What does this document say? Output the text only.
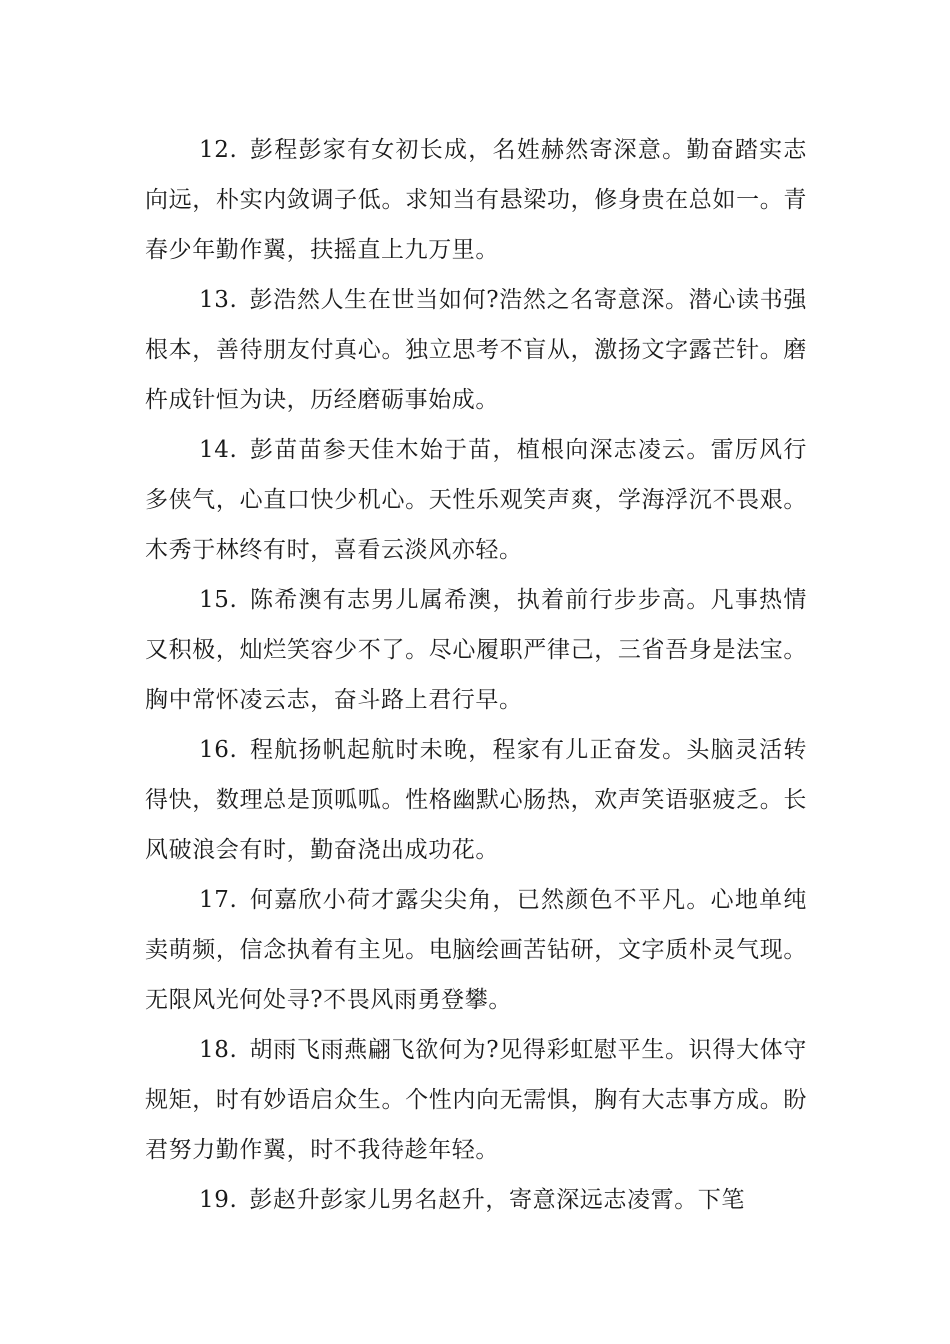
12. 彭程彭家有女初长成，名姓赫然寄深意。勤奋踏实志向远，朴实内敛调子低。求知当有悬梁功，修身贵在总如一。青春少年勤作翼，扶摇直上九万里。

13. 彭浩然人生在世当如何?浩然之名寄意深。潜心读书强根本，善待朋友付真心。独立思考不盲从，激扬文字露芒针。磨杵成针恒为诀，历经磨砺事始成。

14. 彭苗苗参天佳木始于苗，植根向深志凌云。雷厉风行多侠气，心直口快少机心。天性乐观笑声爽，学海浮沉不畏艰。木秀于林终有时，喜看云淡风亦轻。

15. 陈希澳有志男儿属希澳，执着前行步步高。凡事热情又积极，灿烂笑容少不了。尽心履职严律己，三省吾身是法宝。胸中常怀凌云志，奋斗路上君行早。

16. 程航扬帆起航时未晚，程家有儿正奋发。头脑灵活转得快，数理总是顶呱呱。性格幽默心肠热，欢声笑语驱疲乏。长风破浪会有时，勤奋浇出成功花。

17. 何嘉欣小荷才露尖尖角，已然颜色不平凡。心地单纯卖萌频，信念执着有主见。电脑绘画苦钻研，文字质朴灵气现。无限风光何处寻?不畏风雨勇登攀。

18. 胡雨飞雨燕翩飞欲何为?见得彩虹慰平生。识得大体守规矩，时有妙语启众生。个性内向无需惧，胸有大志事方成。盼君努力勤作翼，时不我待趁年轻。

19. 彭赵升彭家儿男名赵升，寄意深远志凌霄。下笔
